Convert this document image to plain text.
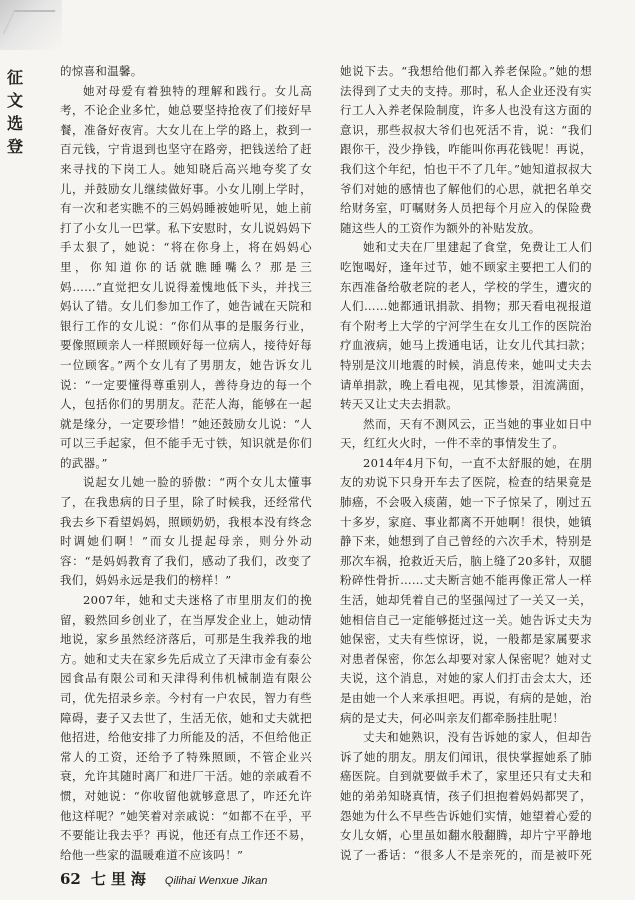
征文选登

的惊喜和温馨。

她对母爱有着独特的理解和践行。女儿高考，不论企业多忙，她总要坚持抢夜了们接好早餐，准备好夜宵。大女儿在上学的路上，救到一百元钱，宁肯退到也坚守在路旁，把钱送给了赶来寻找的下岗工人。她知晓后高兴地夸奖了女儿，并鼓励女儿继续做好事。小女儿刚上学时，有一次和老实瞧不的三妈妈睡被她听见，她上前打了小女儿一巴掌。私下安慰时，女儿说妈妈下手太狠了，她说：“将在你身上，将在妈妈心里，你知道你的话就瞧睡嘴么？那是三妈……”直觉把女儿说得羞愧地低下头，并找三妈认了错。女儿们参加工作了，她告诫在天院和银行工作的女儿说：“你们从事的是服务行业，要像照顾亲人一样照顾好每一位病人，接待好每一位顾客。”两个女儿有了男朋友，她告诉女儿说：“一定要懂得尊重别人，善待身边的每一个人，包括你们的男朋友。茫茫人海，能够在一起就是缘分，一定要珍惜！”她还鼓励女儿说：“人可以三手起家，但不能手无寸铁，知识就是你们的武器。”

说起女儿她一脸的骄傲：“两个女儿太懂事了，在我患病的日子里，除了时候我，还经常代我去乡下看望妈妈，照顾奶奶，我根本没有终念时调她们啊！”而女儿提起母亲，则分外动容：“是妈妈教育了我们，感动了我们，改变了我们，妈妈永远是我们的榜样！”

2007年，她和丈夫迷格了市里朋友们的挽留，毅然回乡创业了，在当厚发企业上，她动情地说，家乡虽然经济落后，可那是生我养我的地方。她和丈夫在家乡先后成立了天津市金有泰公园食品有限公司和天津得利伟机械制造有限公司，优先招录乡亲。今村有一户农民，智力有些障碍，妻子又去世了，生活无依，她和丈夫就把他招进，给他安排了力所能及的活，不但给他正常人的工资，还给予了特殊照顾，不管企业兴衰，允许其随时离厂和进厂干活。她的亲戚看不惯，对她说：“你收留他就够意思了，咋还允许他这样呢？”她笑着对亲戚说：“如都不在乎，平不要能让我去乎？再说，他还有点工作还不易，给他一些家的温暖难道不应该吗！”

她说下去。“我想给他们都入养老保险。”她的想法得到了丈夫的支持。那时，私人企业还没有实行工人入养老保险制度，许多人也没有这方面的意识，那些叔叔大爷们也死活不肯，说：“我们跟你干，没少挣钱，咋能叫你再花钱呢！再说，我们这个年纪，怕也干不了几年。”她知道叔叔大爷们对她的感情也了解他们的心思，就把名单交给财务室，叮嘱财务人员把每个月应入的保险费随这些人的工资作为额外的补贴发放。

她和丈夫在厂里建起了食堂，免费让工人们吃饱喝好，逢年过节，她不顾家主要把工人们的东西准备给敬老院的老人，学校的学生，遭灾的人们……她都通讯捐款、捐物；那天看电视报道有个附考上大学的宁河学生在女儿工作的医院治疗血液病，她马上拨通电话，让女儿代其扫款；特别是汶川地震的时候，消息传来，她叫丈夫去请单捐款，晚上看电视，见其惨景，泪流满面，转天又让丈夫去捐款。

然而，天有不测风云，正当她的事业如日中天，红红火火时，一件不幸的事情发生了。

2014年4月下旬，一直不太舒服的她，在朋友的劝说下只身开车去了医院，检查的结果竟是肺癌，不会吸入痰菌，她一下子惊呆了，刚过五十多岁，家庭、事业都离不开她啊！很快，她镇静下来，她想到了自己曾经的六次手术，特别是那次车祸，抢救近天后，脑上缝了20多针，双腿粉碎性骨折……丈夫断言她不能再像正常人一样生活，她却凭着自己的坚强闯过了一关又一关，她相信自己一定能够挺过这一关。她告诉丈夫为她保密，丈夫有些惊讶，说，一般都是家属要求对患者保密，你怎么却要对家人保密呢？她对丈夫说，这个消息，对她的家人们打击会太大，还是由她一个人来承担吧。再说，有病的是她，治病的是丈夫，何必叫亲友们都牵肠挂肚呢！

丈夫和她熟识，没有告诉她的家人，但却告诉了她的朋友。朋友们闻讯，很快掌握她系了肺癌医院。自到就要做手术了，家里还只有丈夫和她的弟弟知晓真情，孩子们担抱着妈妈都哭了，怨她为什么不早些告诉她们实情，她望着心爱的女儿女婿，心里虽如翻水般翻腾，却片宁平静地说了一番话：“很多人不是亲死的，而是被吓死

62 七里海 Qilihai Wenxue Jikan
